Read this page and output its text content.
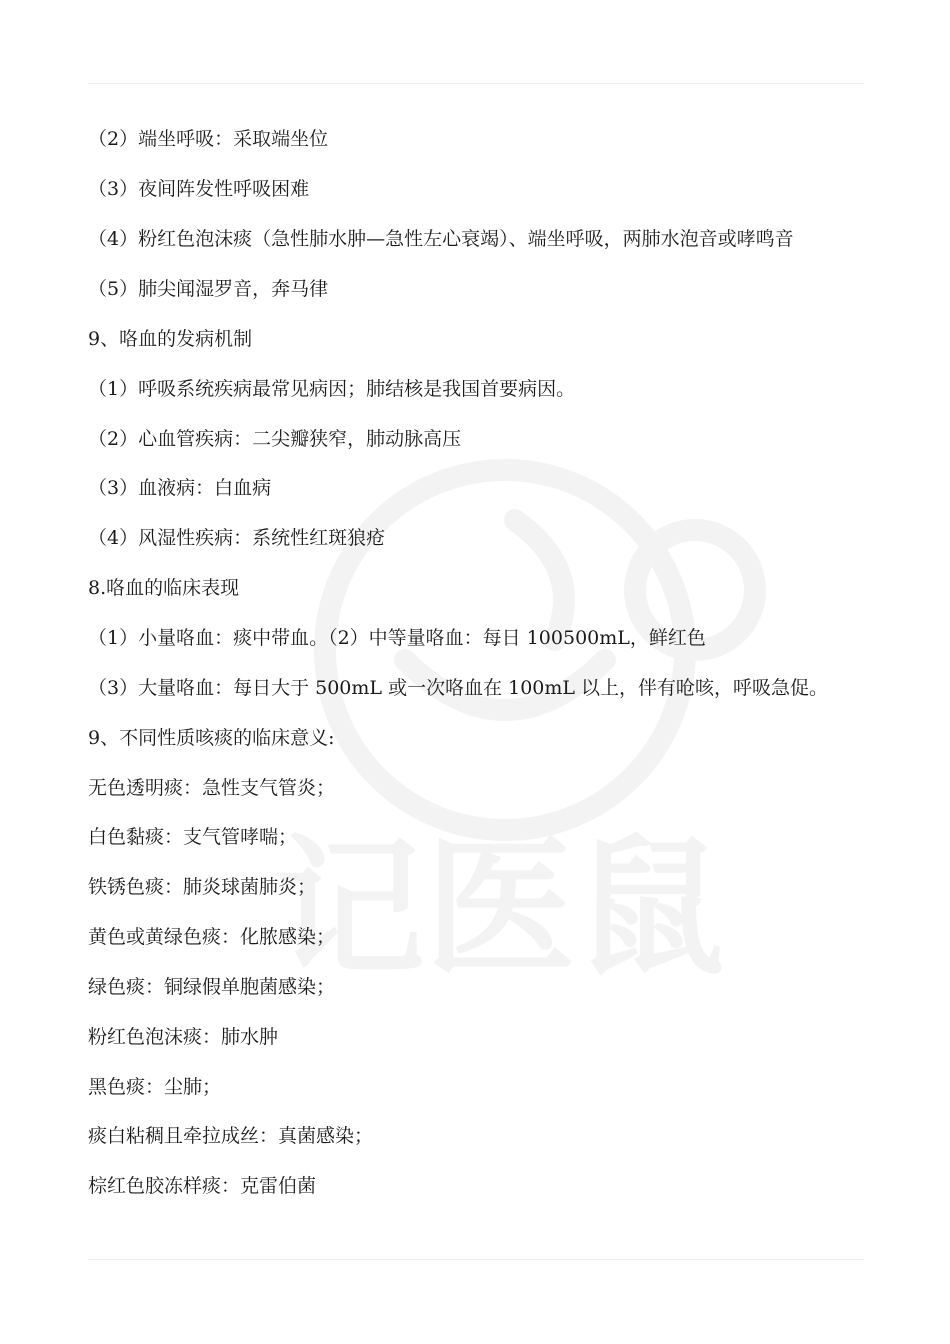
记医鼠
（2）端坐呼吸：采取端坐位
（3）夜间阵发性呼吸困难
（4）粉红色泡沫痰（急性肺水肿—急性左心衰竭）、端坐呼吸，两肺水泡音或哮鸣音
（5）肺尖闻湿罗音，奔马律
9、咯血的发病机制
（1）呼吸系统疾病最常见病因；肺结核是我国首要病因。
（2）心血管疾病：二尖瓣狭窄，肺动脉高压
（3）血液病：白血病
（4）风湿性疾病：系统性红斑狼疮
8.咯血的临床表现
（1）小量咯血：痰中带血。（2）中等量咯血：每日 100500mL，鲜红色
（3）大量咯血：每日大于 500mL 或一次咯血在 100mL 以上，伴有呛咳，呼吸急促。
9、不同性质咳痰的临床意义:
无色透明痰：急性支气管炎；
白色黏痰：支气管哮喘；
铁锈色痰：肺炎球菌肺炎；
黄色或黄绿色痰：化脓感染；
绿色痰：铜绿假单胞菌感染；
粉红色泡沫痰：肺水肿
黑色痰：尘肺；
痰白粘稠且牵拉成丝：真菌感染；
棕红色胶冻样痰：克雷伯菌
